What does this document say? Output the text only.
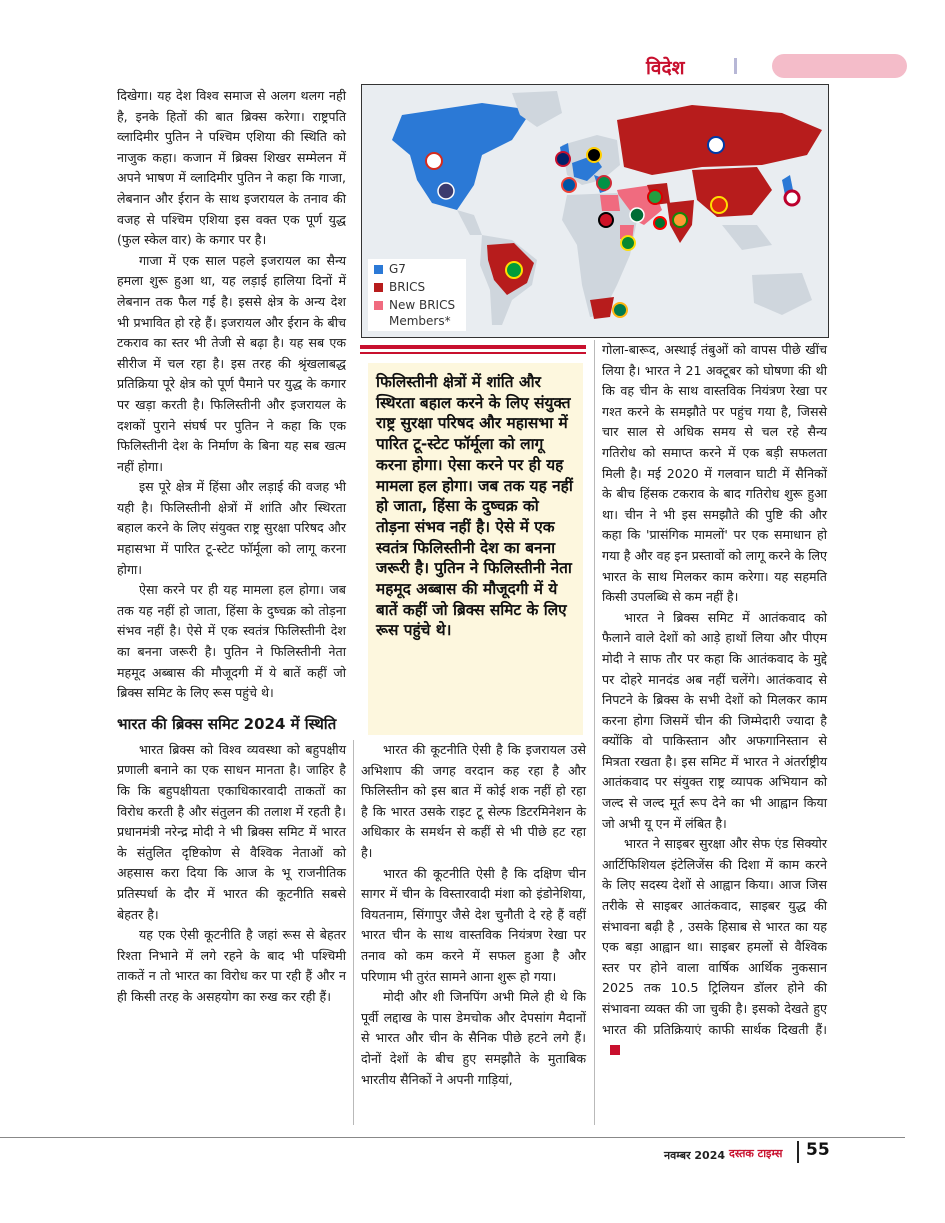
विदेश

दिखेगा। यह देश विश्व समाज से अलग थलग नही है, इनके हितों की बात ब्रिक्स करेगा। राष्ट्रपति व्लादिमीर पुतिन ने पश्चिम एशिया की स्थिति को नाजुक कहा। कजान में ब्रिक्स शिखर सम्मेलन में अपने भाषण में व्लादिमीर पुतिन ने कहा कि गाजा, लेबनान और ईरान के साथ इजरायल के तनाव की वजह से पश्चिम एशिया इस वक्त एक पूर्ण युद्ध (फुल स्केल वार) के कगार पर है।

गाजा में एक साल पहले इजरायल का सैन्य हमला शुरू हुआ था, यह लड़ाई हालिया दिनों में लेबनान तक फैल गई है। इससे क्षेत्र के अन्य देश भी प्रभावित हो रहे हैं। इजरायल और ईरान के बीच टकराव का स्तर भी तेजी से बढ़ा है। यह सब एक सीरीज में चल रहा है। इस तरह की श्रृंखलाबद्ध प्रतिक्रिया पूरे क्षेत्र को पूर्ण पैमाने पर युद्ध के कगार पर खड़ा करती है। फिलिस्तीनी और इजरायल के दशकों पुराने संघर्ष पर पुतिन ने कहा कि एक फिलिस्तीनी देश के निर्माण के बिना यह सब खत्म नहीं होगा।

इस पूरे क्षेत्र में हिंसा और लड़ाई की वजह भी यही है। फिलिस्तीनी क्षेत्रों में शांति और स्थिरता बहाल करने के लिए संयुक्त राष्ट्र सुरक्षा परिषद और महासभा में पारित टू-स्टेट फॉर्मूला को लागू करना होगा।

ऐसा करने पर ही यह मामला हल होगा। जब तक यह नहीं हो जाता, हिंसा के दुष्चक्र को तोड़ना संभव नहीं है। ऐसे में एक स्वतंत्र फिलिस्तीनी देश का बनना जरूरी है। पुतिन ने फिलिस्तीनी नेता महमूद अब्बास की मौजूदगी में ये बातें कहीं जो ब्रिक्स समिट के लिए रूस पहुंचे थे।

भारत की ब्रिक्स समिट 2024 में स्थिति

भारत ब्रिक्स को विश्व व्यवस्था को बहुपक्षीय प्रणाली बनाने का एक साधन मानता है। जाहिर है कि कि बहुपक्षीयता एकाधिकारवादी ताकतों का विरोध करती है और संतुलन की तलाश में रहती है। प्रधानमंत्री नरेन्द्र मोदी ने भी ब्रिक्स समिट में भारत के संतुलित दृष्टिकोण से वैश्विक नेताओं को अहसास करा दिया कि आज के भू राजनीतिक प्रतिस्पर्धा के दौर में भारत की कूटनीति सबसे बेहतर है।

यह एक ऐसी कूटनीति है जहां रूस से बेहतर रिश्ता निभाने में लगे रहने के बाद भी पश्चिमी ताकतें न तो भारत का विरोध कर पा रही हैं और न ही किसी तरह के असहयोग का रुख कर रही हैं।

G7
BRICS
New BRICS
Members*
फिलिस्तीनी क्षेत्रों में शांति और स्थिरता बहाल करने के लिए संयुक्त राष्ट्र सुरक्षा परिषद और महासभा में पारित टू-स्टेट फॉर्मूला को लागू करना होगा। ऐसा करने पर ही यह मामला हल होगा। जब तक यह नहीं हो जाता, हिंसा के दुष्चक्र को तोड़ना संभव नहीं है। ऐसे में एक स्वतंत्र फिलिस्तीनी देश का बनना जरूरी है। पुतिन ने फिलिस्तीनी नेता महमूद अब्बास की मौजूदगी में ये बातें कहीं जो ब्रिक्स समिट के लिए रूस पहुंचे थे।

भारत की कूटनीति ऐसी है कि इजरायल उसे अभिशाप की जगह वरदान कह रहा है और फिलिस्तीन को इस बात में कोई शक नहीं हो रहा है कि भारत उसके राइट टू सेल्फ डिटरमिनेशन के अधिकार के समर्थन से कहीं से भी पीछे हट रहा है।

भारत की कूटनीति ऐसी है कि दक्षिण चीन सागर में चीन के विस्तारवादी मंशा को इंडोनेशिया, वियतनाम, सिंगापुर जैसे देश चुनौती दे रहे हैं वहीं भारत चीन के साथ वास्तविक नियंत्रण रेखा पर तनाव को कम करने में सफल हुआ है और परिणाम भी तुरंत सामने आना शुरू हो गया।

मोदी और शी जिनपिंग अभी मिले ही थे कि पूर्वी लद्दाख के पास डेमचोक और देपसांग मैदानों से भारत और चीन के सैनिक पीछे हटने लगे हैं। दोनों देशों के बीच हुए समझौते के मुताबिक भारतीय सैनिकों ने अपनी गाड़ियां,

गोला-बारूद, अस्थाई तंबुओं को वापस पीछे खींच लिया है। भारत ने 21 अक्टूबर को घोषणा की थी कि वह चीन के साथ वास्तविक नियंत्रण रेखा पर गश्त करने के समझौते पर पहुंच गया है, जिससे चार साल से अधिक समय से चल रहे सैन्य गतिरोध को समाप्त करने में एक बड़ी सफलता मिली है। मई 2020 में गलवान घाटी में सैनिकों के बीच हिंसक टकराव के बाद गतिरोध शुरू हुआ था। चीन ने भी इस समझौते की पुष्टि की और कहा कि 'प्रासंगिक मामलों' पर एक समाधान हो गया है और वह इन प्रस्तावों को लागू करने के लिए भारत के साथ मिलकर काम करेगा। यह सहमति किसी उपलब्धि से कम नहीं है।

भारत ने ब्रिक्स समिट में आतंकवाद को फैलाने वाले देशों को आड़े हाथों लिया और पीएम मोदी ने साफ तौर पर कहा कि आतंकवाद के मुद्दे पर दोहरे मानदंड अब नहीं चलेंगे। आतंकवाद से निपटने के ब्रिक्स के सभी देशों को मिलकर काम करना होगा जिसमें चीन की जिम्मेदारी ज्यादा है क्योंकि वो पाकिस्तान और अफगानिस्तान से मित्रता रखता है। इस समिट में भारत ने अंतर्राष्ट्रीय आतंकवाद पर संयुक्त राष्ट्र व्यापक अभियान को जल्द से जल्द मूर्त रूप देने का भी आह्वान किया जो अभी यू एन में लंबित है।

भारत ने साइबर सुरक्षा और सेफ एंड सिक्योर आर्टिफिशियल इंटेलिजेंस की दिशा में काम करने के लिए सदस्य देशों से आह्वान किया। आज जिस तरीके से साइबर आतंकवाद, साइबर युद्ध की संभावना बढ़ी है , उसके हिसाब से भारत का यह एक बड़ा आह्वान था। साइबर हमलों से वैश्विक स्तर पर होने वाला वार्षिक आर्थिक नुकसान 2025 तक 10.5 ट्रिलियन डॉलर होने की संभावना व्यक्त की जा चुकी है। इसको देखते हुए भारत की प्रतिक्रियाएं काफी सार्थक दिखती हैं।

नवम्बर 2024 दस्तक टाइम्स 55
